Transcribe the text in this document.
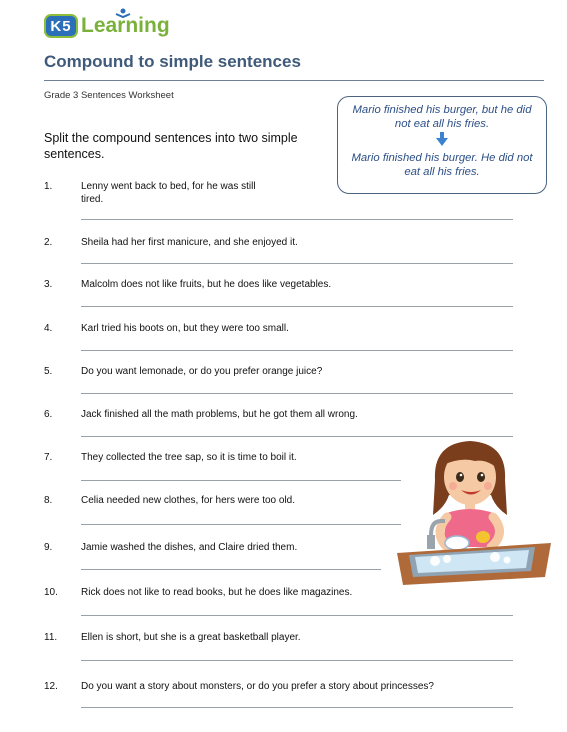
K5 Learning
Compound to simple sentences
Grade 3 Sentences Worksheet
Mario finished his burger, but he did not eat all his fries.
Mario finished his burger. He did not eat all his fries.
Split the compound sentences into two simple sentences.
1.	Lenny went back to bed, for he was still
tired.
2.	Sheila had her first manicure, and she enjoyed it.
3.	Malcolm does not like fruits, but he does like vegetables.
4.	Karl tried his boots on, but they were too small.
5.	Do you want lemonade, or do you prefer orange juice?
6.	Jack finished all the math problems, but he got them all wrong.
7.	They collected the tree sap, so it is time to boil it.
8.	Celia needed new clothes, for hers were too old.
9.	Jamie washed the dishes, and Claire dried them.
10. Rick does not like to read books, but he does like magazines.
11. Ellen is short, but she is a great basketball player.
12. Do you want a story about monsters, or do you prefer a story about princesses?
